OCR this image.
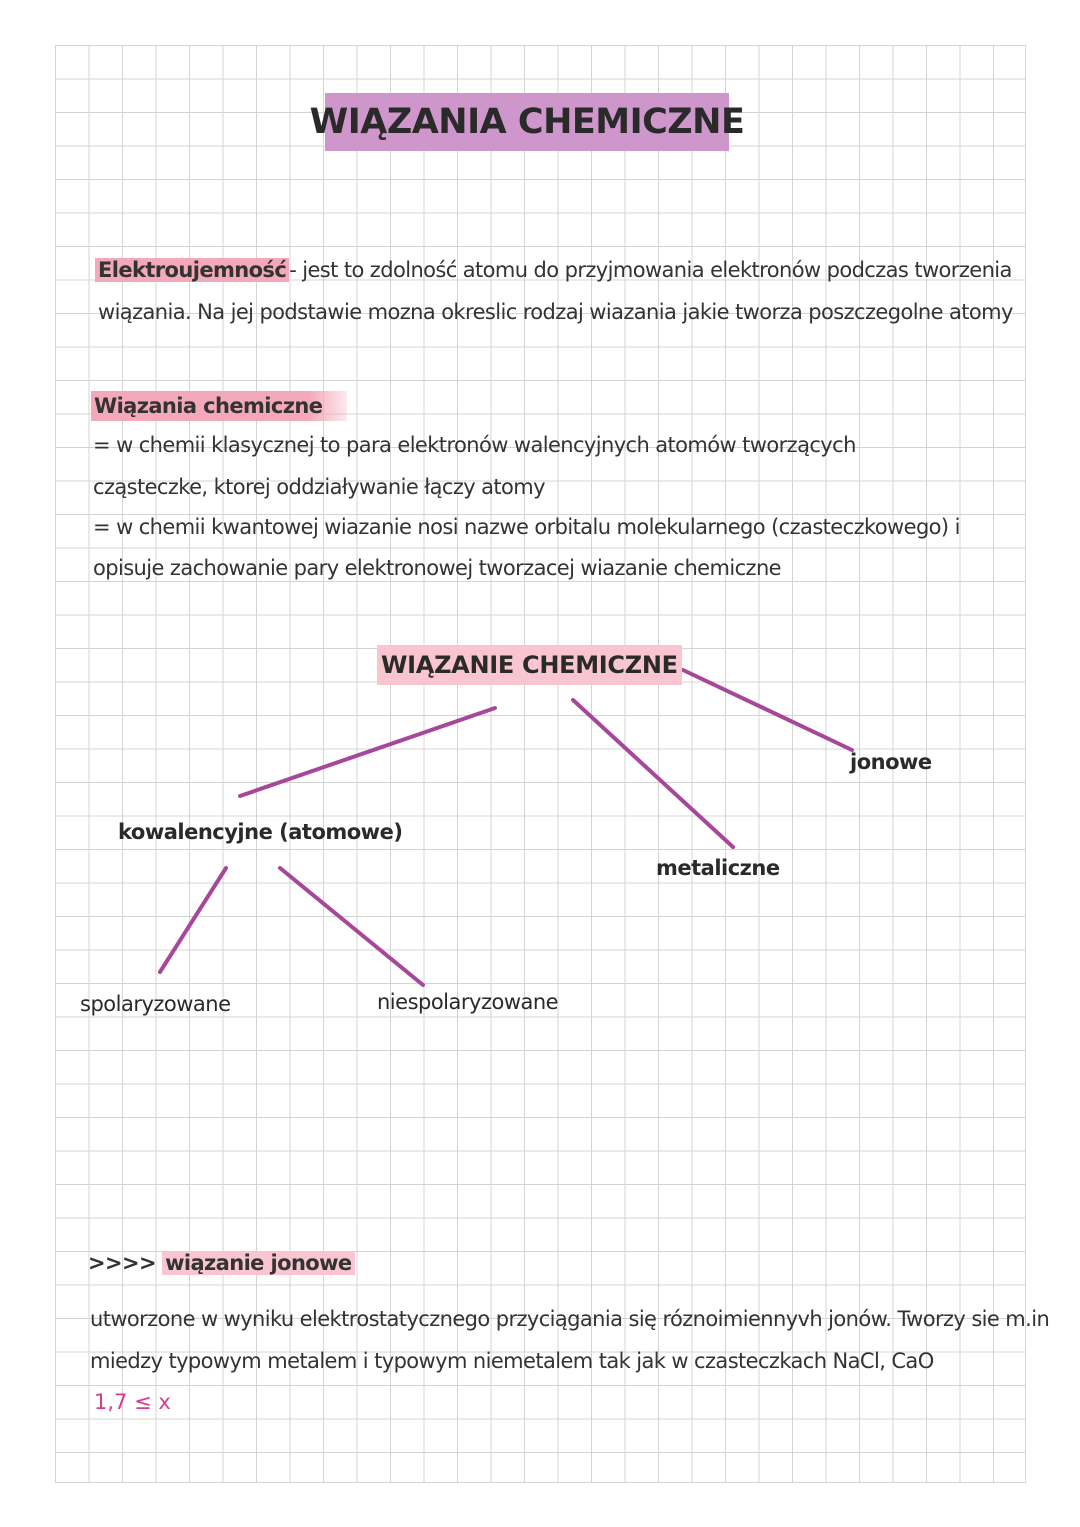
WIĄZANIA CHEMICZNE
Elektroujemność - jest to zdolność atomu do przyjmowania elektronów podczas tworzenia
wiązania. Na jej podstawie mozna okreslic rodzaj wiazania jakie tworza poszczegolne atomy
Wiązania chemiczne
= w chemii klasycznej to para elektronów walencyjnych atomów tworzących
cząsteczke, ktorej oddziaływanie łączy atomy
= w chemii kwantowej wiazanie nosi nazwe orbitalu molekularnego (czasteczkowego) i
opisuje zachowanie pary elektronowej tworzacej wiazanie chemiczne
WIĄZANIE CHEMICZNE
kowalencyjne (atomowe)
metaliczne
jonowe
spolaryzowane	niespolaryzowane
>>>> wiązanie jonowe
utworzone w wyniku elektrostatycznego przyciągania się róznoimiennyvh jonów. Tworzy sie m.in
miedzy typowym metalem i typowym niemetalem tak jak w czasteczkach NaCl, CaO
1,7 ≤ x
